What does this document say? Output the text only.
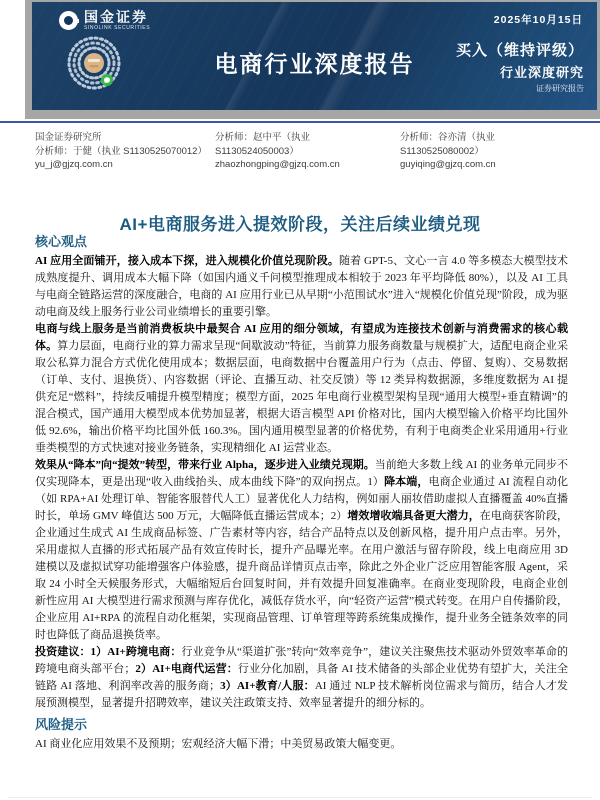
国金证券
SINOLINK SECURITIES
2025年10月15日
电商行业深度报告
买入（维持评级）
行业深度研究
证券研究报告
国金证券研究所
分析师：于健（执业 S1130525070012）
yu_j@gjzq.com.cn
分析师：赵中平（执业
S1130524050003）
zhaozhongping@gjzq.com.cn
分析师：谷亦清（执业
S1130525080002）
guyiqing@gjzq.com.cn
AI+电商服务进入提效阶段，关注后续业绩兑现
核心观点

AI 应用全面铺开，接入成本下探，进入规模化价值兑现阶段。随着 GPT-5、文心一言 4.0 等多模态大模型技术成熟度提升、调用成本大幅下降（如国内通义千问模型推理成本相较于 2023 年平均降低 80%），以及 AI 工具与电商全链路运营的深度融合，电商的 AI 应用行业已从早期“小范围试水”进入“规模化价值兑现”阶段，成为驱动电商及线上服务行业公司业绩增长的重要引擎。

电商与线上服务是当前消费板块中最契合 AI 应用的细分领域，有望成为连接技术创新与消费需求的核心载体。算力层面，电商行业的算力需求呈现“间歇波动”特征，当前算力服务商数量与规模扩大，适配电商企业采取公私算力混合方式优化使用成本；数据层面，电商数据中台覆盖用户行为（点击、停留、复购）、交易数据（订单、支付、退换货）、内容数据（评论、直播互动、社交反馈）等 12 类异构数据源，多维度数据为 AI 提供充足“燃料”，持续反哺提升模型精度；模型方面，2025 年电商行业模型架构呈现“通用大模型+垂直精调”的混合模式，国产通用大模型成本优势加显著，根据大语言模型 API 价格对比，国内大模型输入价格平均比国外低 92.6%，输出价格平均比国外低 160.3%。国内通用模型显著的价格优势，有利于电商类企业采用通用+行业垂类模型的方式快速对接业务链条，实现精细化 AI 运营业态。

效果从“降本”向“提效”转型，带来行业 Alpha，逐步进入业绩兑现期。当前绝大多数上线 AI 的业务单元同步不仅实现降本，更是出现“收入曲线抬头、成本曲线下降”的双向拐点。1）降本端，电商企业通过 AI 流程自动化（如 RPA+AI 处理订单、智能客服替代人工）显著优化人力结构，例如丽人丽妆借助虚拟人直播覆盖 40%直播时长，单场 GMV 峰值达 500 万元，大幅降低直播运营成本；2）增效增收端具备更大潜力，在电商获客阶段，企业通过生成式 AI 生成商品标签、广告素材等内容，结合产品特点以及创新风格，提升用户点击率。另外，采用虚拟人直播的形式拓展产品有效宣传时长，提升产品曝光率。在用户激活与留存阶段，线上电商应用 3D 建模以及虚拟试穿功能增强客户体验感，提升商品详情页点击率，除此之外企业广泛应用智能客服 Agent，采取 24 小时全天候服务形式，大幅缩短后台回复时间，并有效提升回复准确率。在商业变现阶段，电商企业创新性应用 AI 大模型进行需求预测与库存优化，减低存货水平，向“轻资产运营”模式转变。在用户自传播阶段，企业应用 AI+RPA 的流程自动化框架，实现商品管理、订单管理等跨系统集成操作，提升业务全链条效率的同时也降低了商品退换货率。

投资建议：1）AI+跨境电商：行业竞争从“渠道扩张”转向“效率竞争”，建议关注聚焦技术驱动外贸效率革命的跨境电商头部平台；2）AI+电商代运营：行业分化加剧，具备 AI 技术储备的头部企业优势有望扩大，关注全链路 AI 落地、利润率改善的服务商；3）AI+教育/人服：AI 通过 NLP 技术解析岗位需求与简历，结合人才发展预测模型，显著提升招聘效率，建议关注政策支持、效率显著提升的细分标的。

风险提示

AI 商业化应用效果不及预期；宏观经济大幅下滑；中美贸易政策大幅变更。
